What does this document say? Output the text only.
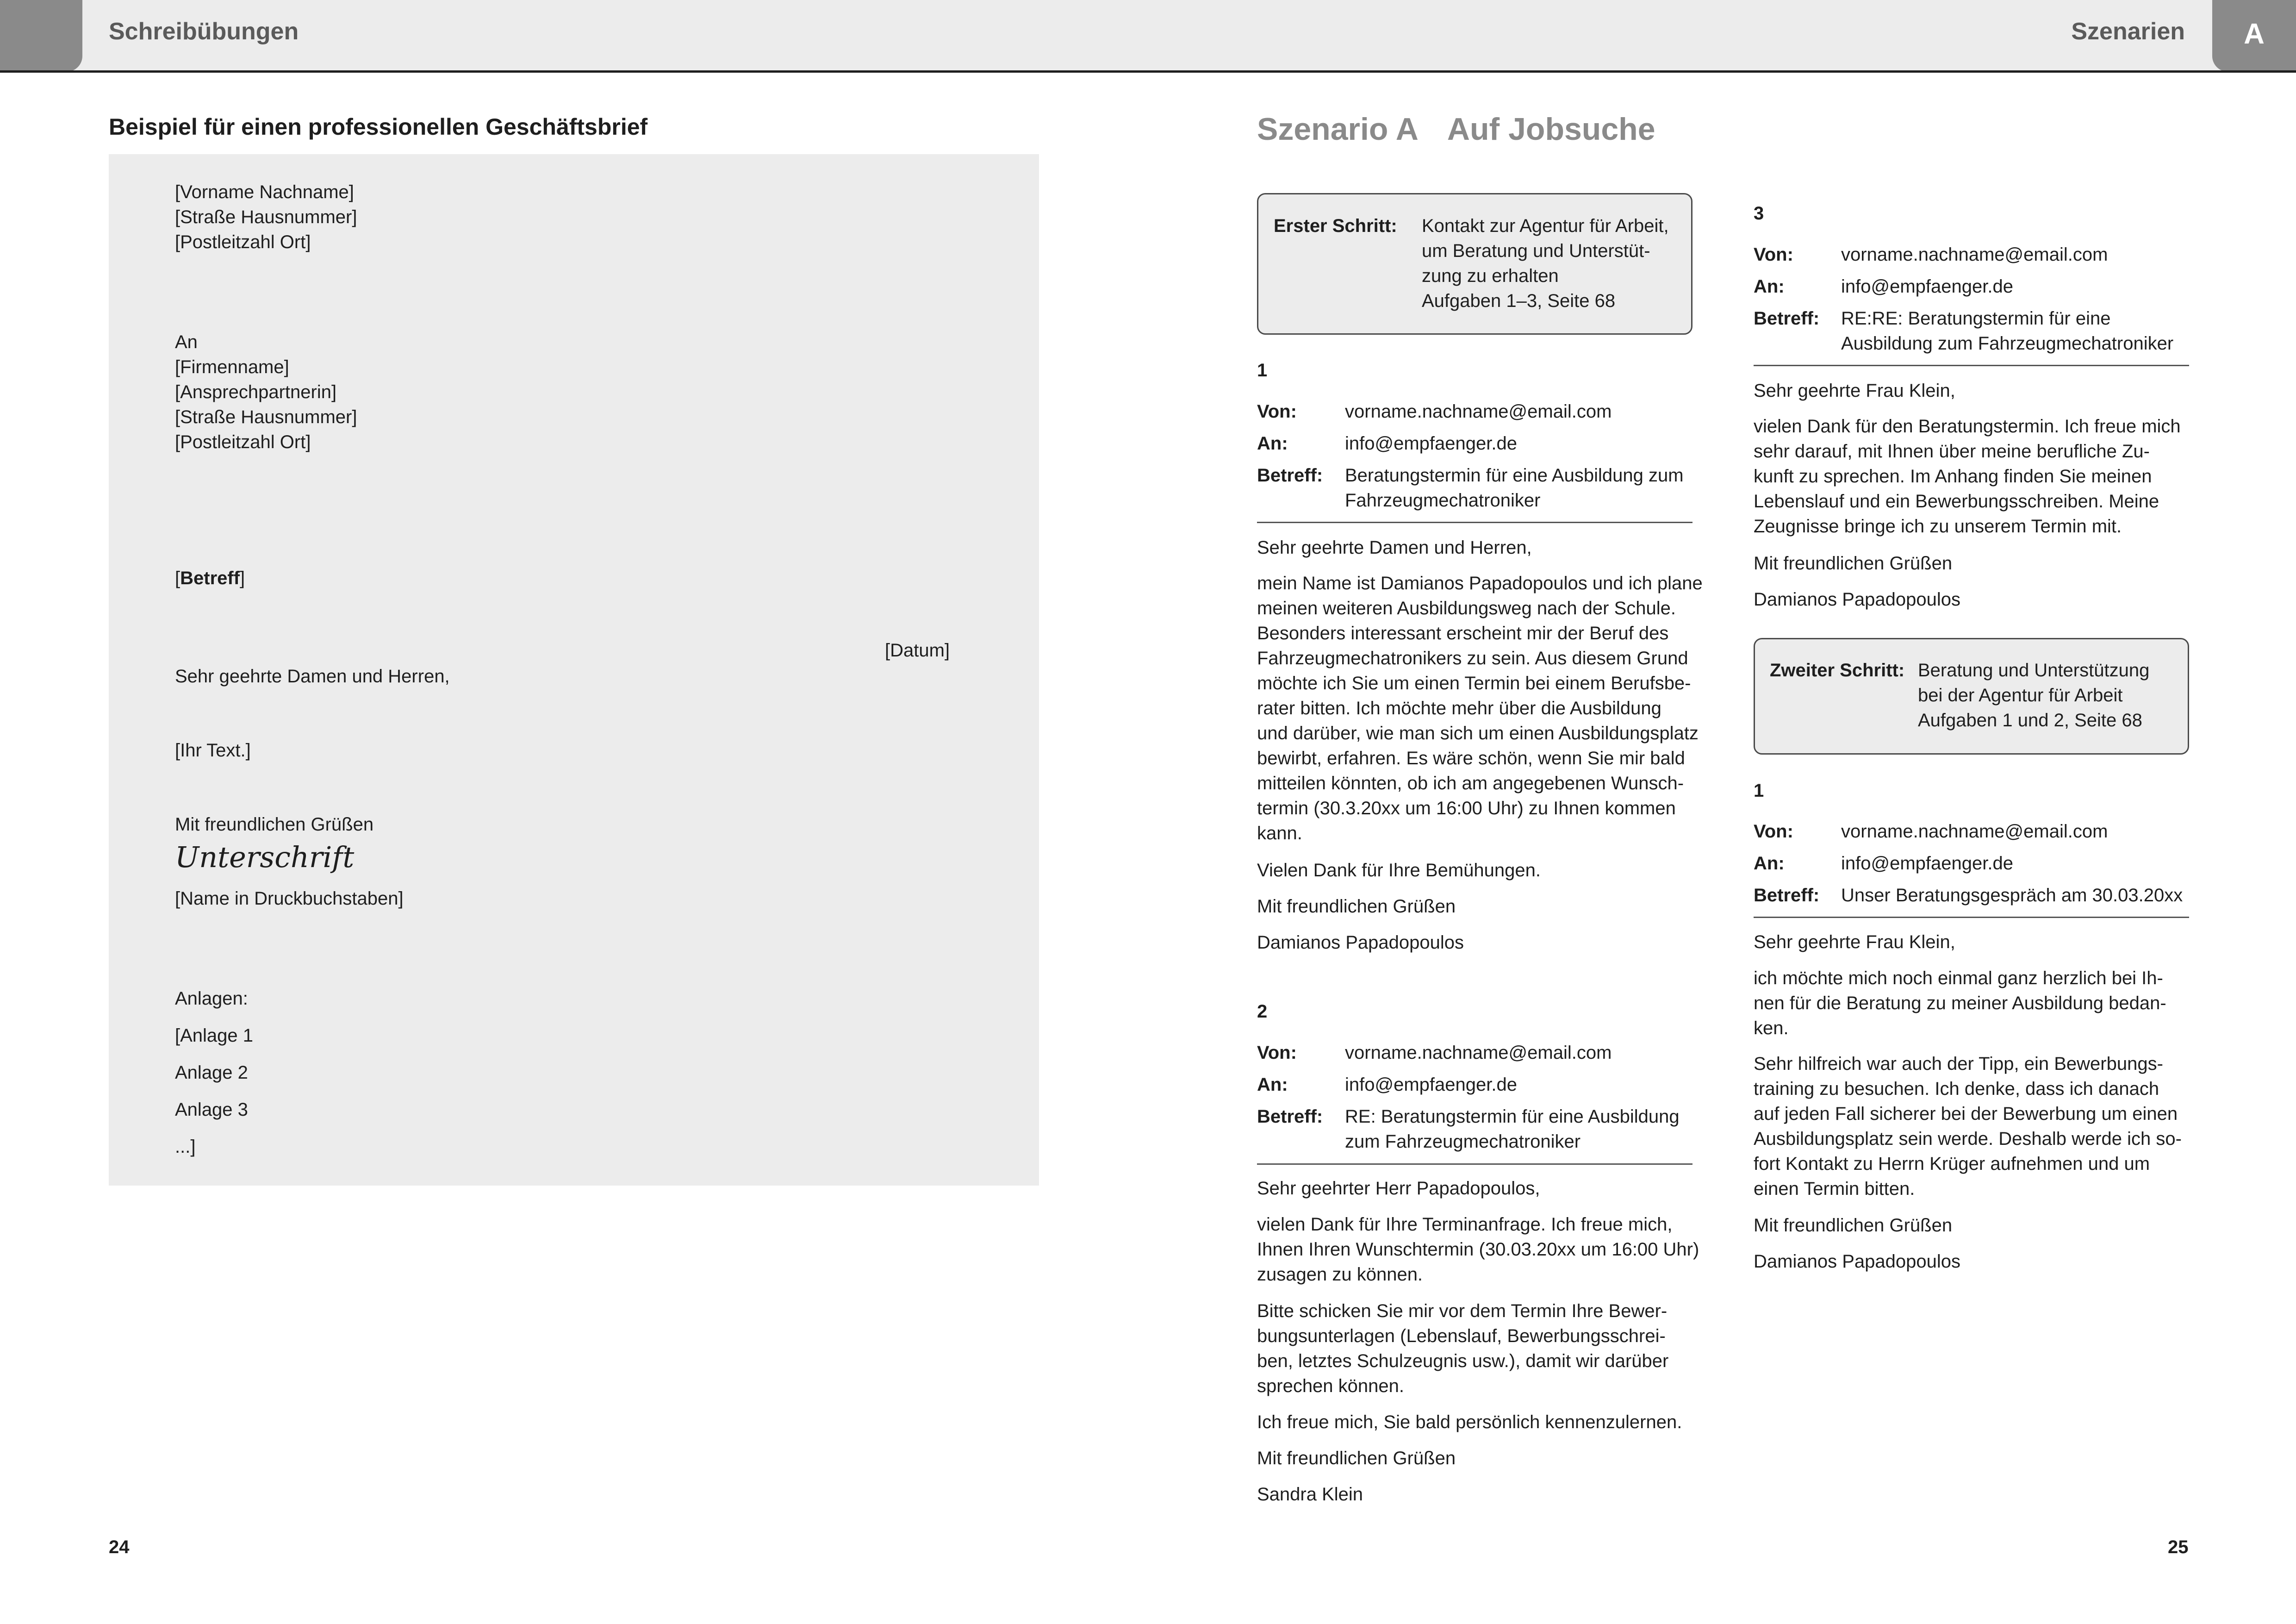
A
Schreibübungen	Szenarien
Beispiel für einen professionellen Geschäftsbrief
[Vorname Nachname]
[Straße Hausnummer]
[Postleitzahl Ort]
An
[Firmenname]
[Ansprechpartnerin]
[Straße Hausnummer]
[Postleitzahl Ort]
[Betreff]
[Datum]
Sehr geehrte Damen und Herren,
[Ihr Text.]
Mit freundlichen Grüßen
Unterschrift
[Name in Druckbuchstaben]
Anlagen:
[Anlage 1
Anlage 2
Anlage 3
...]
24
Szenario A Auf Jobsuche
Erster Schritt: Kontakt zur Agentur für Arbeit,
um Beratung und Unterstüt-
zung zu erhalten
Aufgaben 1–3, Seite 68
1
Von:	vorname.nachname@email.com
An:	info@empfaenger.de
Betreff: Beratungstermin für eine Ausbildung zum
Fahrzeugmechatroniker
Sehr geehrte Damen und Herren,
mein Name ist Damianos Papadopoulos und ich plane
meinen weiteren Ausbildungsweg nach der Schule.
Besonders interessant erscheint mir der Beruf des
Fahrzeugmechatronikers zu sein. Aus diesem Grund
möchte ich Sie um einen Termin bei einem Berufsbe-
rater bitten. Ich möchte mehr über die Ausbildung
und darüber, wie man sich um einen Ausbildungsplatz
bewirbt, erfahren. Es wäre schön, wenn Sie mir bald
mitteilen könnten, ob ich am angegebenen Wunsch-
termin (30.3.20xx um 16:00 Uhr) zu Ihnen kommen
kann.
Vielen Dank für Ihre Bemühungen.
Mit freundlichen Grüßen
Damianos Papadopoulos
2
Von:	vorname.nachname@email.com
An:	info@empfaenger.de
Betreff: RE: Beratungstermin für eine Ausbildung
zum Fahrzeugmechatroniker
Sehr geehrter Herr Papadopoulos,
vielen Dank für Ihre Terminanfrage. Ich freue mich,
Ihnen Ihren Wunschtermin (30.03.20xx um 16:00 Uhr)
zusagen zu können.
Bitte schicken Sie mir vor dem Termin Ihre Bewer-
bungsunterlagen (Lebenslauf, Bewerbungsschrei-
ben, letztes Schulzeugnis usw.), damit wir darüber
sprechen können.
Ich freue mich, Sie bald persönlich kennenzulernen.
Mit freundlichen Grüßen
Sandra Klein
3
Von:	vorname.nachname@email.com
An:	info@empfaenger.de
Betreff: RE:RE: Beratungstermin für eine
Ausbildung zum Fahrzeugmechatroniker
Sehr geehrte Frau Klein,
vielen Dank für den Beratungstermin. Ich freue mich
sehr darauf, mit Ihnen über meine berufliche Zu-
kunft zu sprechen. Im Anhang finden Sie meinen
Lebenslauf und ein Bewerbungsschreiben. Meine
Zeugnisse bringe ich zu unserem Termin mit.
Mit freundlichen Grüßen
Damianos Papadopoulos
Zweiter Schritt: Beratung und Unterstützung
bei der Agentur für Arbeit
Aufgaben 1 und 2, Seite 68
1
Von:	vorname.nachname@email.com
An:	info@empfaenger.de
Betreff: Unser Beratungsgespräch am 30.03.20xx
Sehr geehrte Frau Klein,
ich möchte mich noch einmal ganz herzlich bei Ih-
nen für die Beratung zu meiner Ausbildung bedan-
ken.
Sehr hilfreich war auch der Tipp, ein Bewerbungs-
training zu besuchen. Ich denke, dass ich danach
auf jeden Fall sicherer bei der Bewerbung um einen
Ausbildungsplatz sein werde. Deshalb werde ich so-
fort Kontakt zu Herrn Krüger aufnehmen und um
einen Termin bitten.
Mit freundlichen Grüßen
Damianos Papadopoulos
25
